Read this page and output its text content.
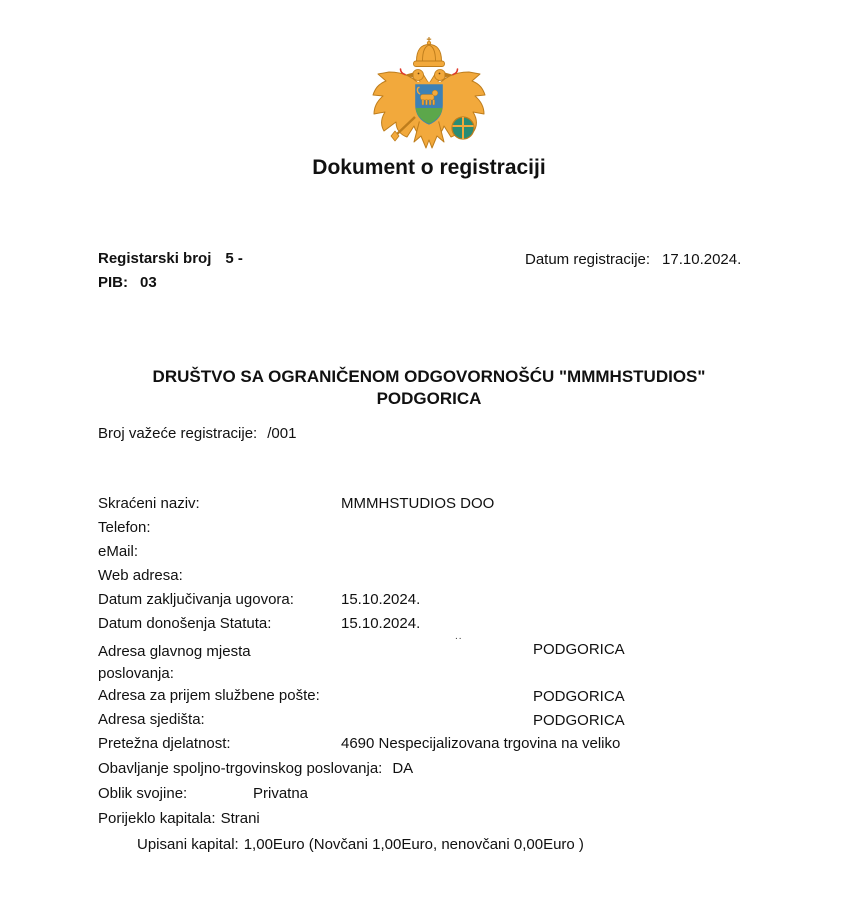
Dokument o registraciji
Registarski broj 5 -
PIB: 03
Datum registracije: 17.10.2024.
DRUŠTVO SA OGRANIČENOM ODGOVORNOŠĆU "MMMHSTUDIOS"
PODGORICA
Broj važeće registracije: /001
Skraćeni naziv:	MMMHSTUDIOS DOO
Telefon:
eMail:
Web adresa:
Datum zaključivanja ugovora:	15.10.2024.
Datum donošenja Statuta:	15.10.2024.
Adresa glavnog mjesta
poslovanja:
..
PODGORICA
Adresa za prijem službene pošte:	PODGORICA
Adresa sjedišta:	PODGORICA
Pretežna djelatnost:	4690 Nespecijalizovana trgovina na veliko
Obavljanje spoljno-trgovinskog poslovanja: DA
Oblik svojine:	Privatna
Porijeklo kapitala: Strani
Upisani kapital: 1,00Euro (Novčani 1,00Euro, nenovčani 0,00Euro )
